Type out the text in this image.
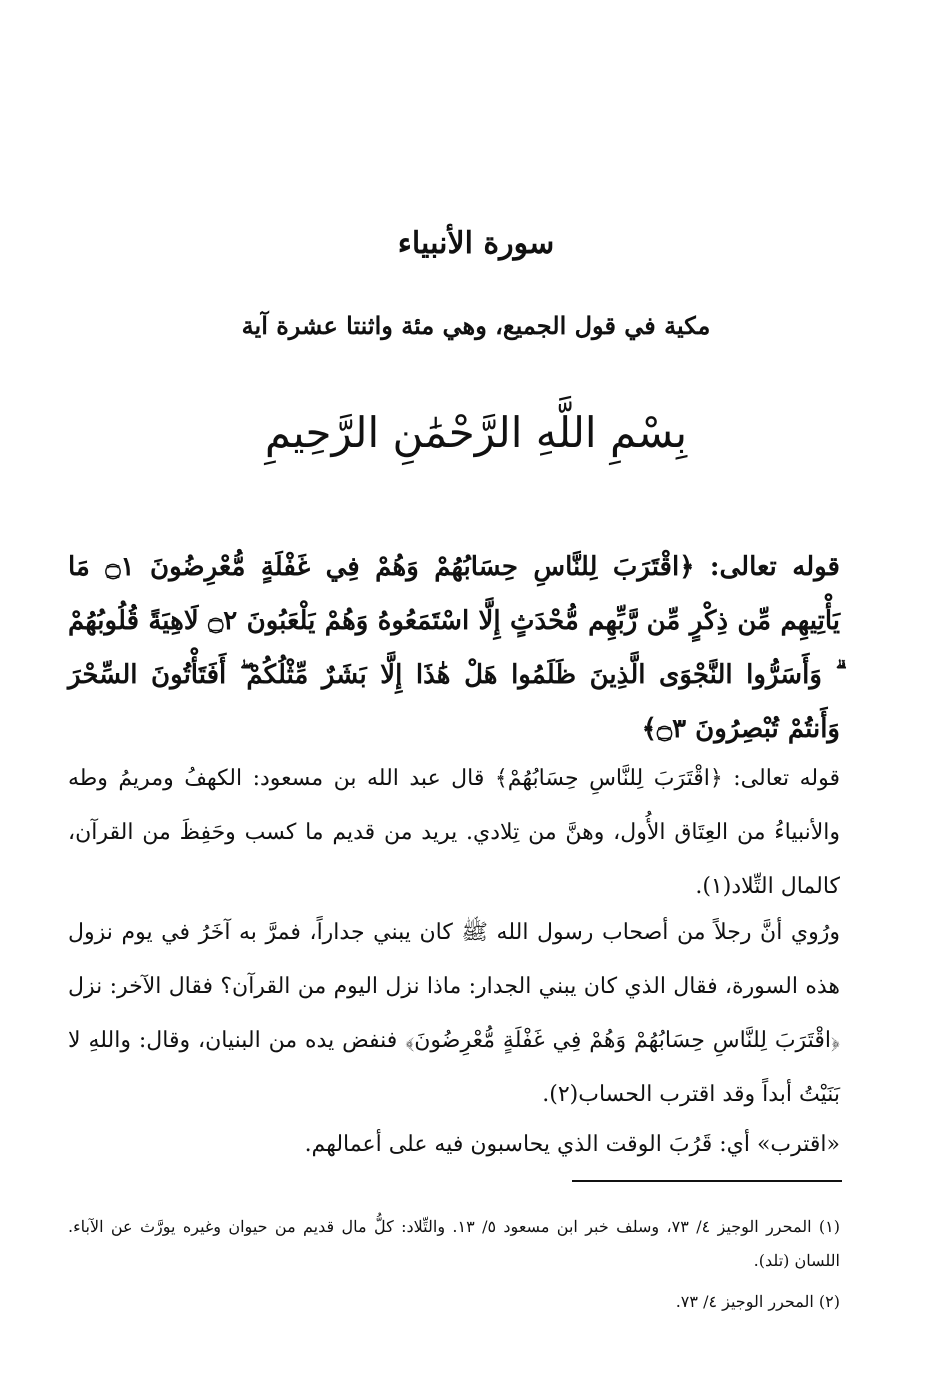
سورة الأنبياء
مكية في قول الجميع، وهي مئة واثنتا عشرة آية
بِسْمِ اللَّهِ الرَّحْمَٰنِ الرَّحِيمِ
قوله تعالى: ﴿اقْتَرَبَ لِلنَّاسِ حِسَابُهُمْ وَهُمْ فِي غَفْلَةٍ مُّعْرِضُونَ ۝١ مَا يَأْتِيهِم مِّن ذِكْرٍ مِّن رَّبِّهِم مُّحْدَثٍ إِلَّا اسْتَمَعُوهُ وَهُمْ يَلْعَبُونَ ۝٢ لَاهِيَةً قُلُوبُهُمْ ۗ وَأَسَرُّوا النَّجْوَى الَّذِينَ ظَلَمُوا هَلْ هَٰذَا إِلَّا بَشَرٌ مِّثْلُكُمْ ۖ أَفَتَأْتُونَ السِّحْرَ وَأَنتُمْ تُبْصِرُونَ ۝٣﴾
قوله تعالى: ﴿اقْتَرَبَ لِلنَّاسِ حِسَابُهُمْ﴾ قال عبد الله بن مسعود: الكهفُ ومريمُ وطه والأنبياءُ من العِتَاق الأُول، وهنَّ من تِلادي. يريد من قديم ما كسب وحَفِظَ من القرآن، كالمال التِّلاد(١).
ورُوي أنَّ رجلاً من أصحاب رسول الله ﷺ كان يبني جداراً، فمرَّ به آخَرُ في يوم نزول هذه السورة، فقال الذي كان يبني الجدار: ماذا نزل اليوم من القرآن؟ فقال الآخر: نزل ﴿اقْتَرَبَ لِلنَّاسِ حِسَابُهُمْ وَهُمْ فِي غَفْلَةٍ مُّعْرِضُونَ﴾ فنفض يده من البنيان، وقال: واللهِ لا بَنَيْتُ أبداً وقد اقترب الحساب(٢).
«اقترب» أي: قَرُبَ الوقت الذي يحاسبون فيه على أعمالهم.
(١) المحرر الوجيز ٤/ ٧٣، وسلف خبر ابن مسعود ٥/ ١٣. والتِّلاد: كلُّ مال قديم من حيوان وغيره يورَّث عن الآباء. اللسان (تلد).
(٢) المحرر الوجيز ٤/ ٧٣.
